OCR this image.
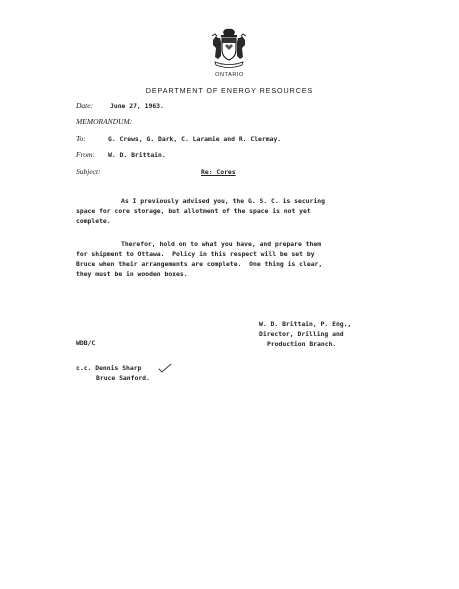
ONTARIO
DEPARTMENT OF ENERGY RESOURCES
Date:	June 27, 1963.
MEMORANDUM:
To:	G. Crews, G. Dark, C. Laramie and R. Clermay.
From: W. D. Brittain.
Subject:	Re: Cores
As I previously advised you, the G. S. C. is securing
space for core storage, but allotment of the space is not yet
complete.
Therefor, hold on to what you have, and prepare them
for shipment to Ottawa.  Policy in this respect will be set by
Bruce when their arrangements are complete.  One thing is clear,
they must be in wooden boxes.
W. D. Brittain, P. Eng.,
Director, Drilling and
Production Branch.
WDB/C
c.c. Dennis Sharp
Bruce Sanford.
